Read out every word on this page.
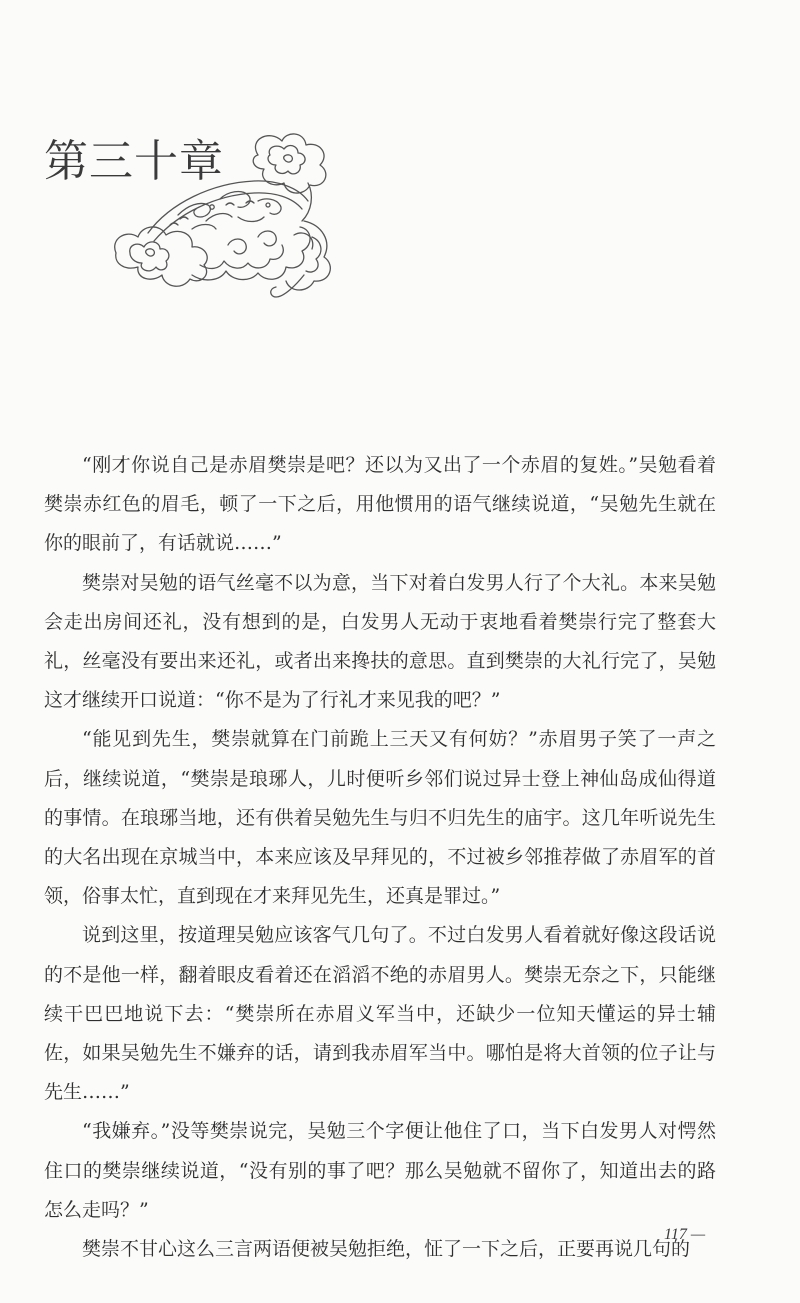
第三十章

“刚才你说自己是赤眉樊崇是吧？还以为又出了一个赤眉的复姓。”吴勉看着樊崇赤红色的眉毛，顿了一下之后，用他惯用的语气继续说道，“吴勉先生就在你的眼前了，有话就说……”

樊崇对吴勉的语气丝毫不以为意，当下对着白发男人行了个大礼。本来吴勉会走出房间还礼，没有想到的是，白发男人无动于衷地看着樊崇行完了整套大礼，丝毫没有要出来还礼，或者出来搀扶的意思。直到樊崇的大礼行完了，吴勉这才继续开口说道：“你不是为了行礼才来见我的吧？”

“能见到先生，樊崇就算在门前跪上三天又有何妨？”赤眉男子笑了一声之后，继续说道，“樊崇是琅琊人，儿时便听乡邻们说过异士登上神仙岛成仙得道的事情。在琅琊当地，还有供着吴勉先生与归不归先生的庙宇。这几年听说先生的大名出现在京城当中，本来应该及早拜见的，不过被乡邻推荐做了赤眉军的首领，俗事太忙，直到现在才来拜见先生，还真是罪过。”

说到这里，按道理吴勉应该客气几句了。不过白发男人看着就好像这段话说的不是他一样，翻着眼皮看着还在滔滔不绝的赤眉男人。樊崇无奈之下，只能继续干巴巴地说下去：“樊崇所在赤眉义军当中，还缺少一位知天懂运的异士辅佐，如果吴勉先生不嫌弃的话，请到我赤眉军当中。哪怕是将大首领的位子让与先生……”

“我嫌弃。”没等樊崇说完，吴勉三个字便让他住了口，当下白发男人对愕然住口的樊崇继续说道，“没有别的事了吧？那么吴勉就不留你了，知道出去的路怎么走吗？”

樊崇不甘心这么三言两语便被吴勉拒绝，怔了一下之后，正要再说几句的

117 —
